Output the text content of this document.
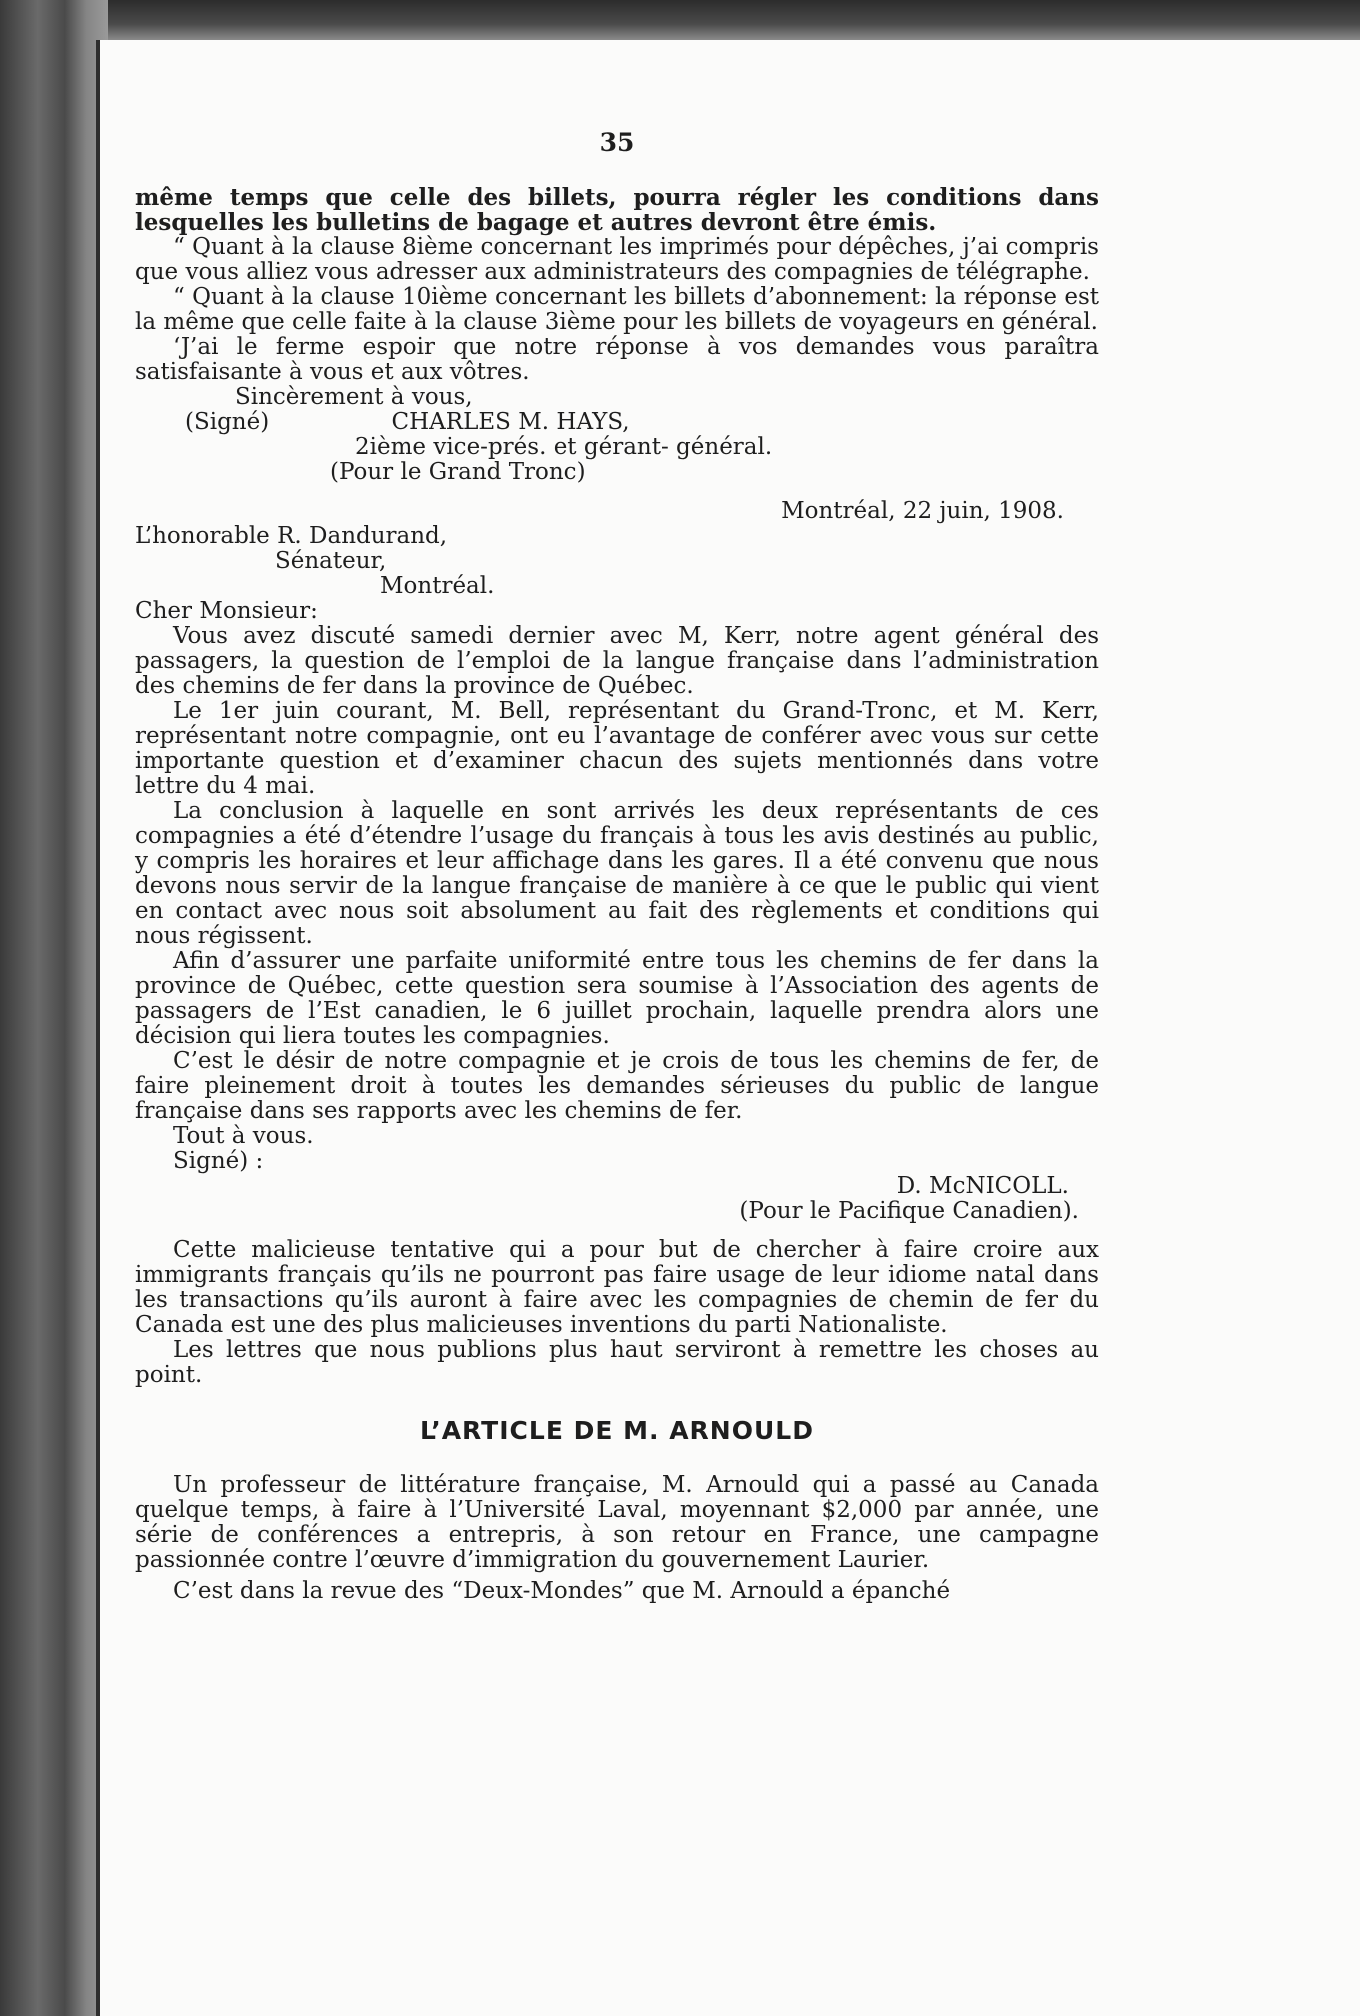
35

même temps que celle des billets, pourra régler les conditions dans lesquelles les bulletins de bagage et autres devront être émis.

“ Quant à la clause 8ième concernant les imprimés pour dépêches, j’ai compris que vous alliez vous adresser aux administrateurs des compagnies de télégraphe.

“ Quant à la clause 10ième concernant les billets d’abonnement: la réponse est la même que celle faite à la clause 3ième pour les billets de voyageurs en général.

‘J’ai le ferme espoir que notre réponse à vos demandes vous paraîtra satisfaisante à vous et aux vôtres.

Sincèrement à vous,

(Signé)	CHARLES M. HAYS,

2ième vice-prés. et gérant- général.

(Pour le Grand Tronc)

Montréal, 22 juin, 1908.

L’honorable R. Dandurand,

Sénateur,

Montréal.

Cher Monsieur:

Vous avez discuté samedi dernier avec M, Kerr, notre agent général des passagers, la question de l’emploi de la langue française dans l’administration des chemins de fer dans la province de Québec.

Le 1er juin courant, M. Bell, représentant du Grand-Tronc, et M. Kerr, représentant notre compagnie, ont eu l’avantage de conférer avec vous sur cette importante question et d’examiner chacun des sujets mentionnés dans votre lettre du 4 mai.

La conclusion à laquelle en sont arrivés les deux représentants de ces compagnies a été d’étendre l’usage du français à tous les avis destinés au public, y compris les horaires et leur affichage dans les gares. Il a été convenu que nous devons nous servir de la langue française de manière à ce que le public qui vient en contact avec nous soit absolument au fait des règlements et conditions qui nous régissent.

Afin d’assurer une parfaite uniformité entre tous les chemins de fer dans la province de Québec, cette question sera soumise à l’Association des agents de passagers de l’Est canadien, le 6 juillet prochain, laquelle prendra alors une décision qui liera toutes les compagnies.

C’est le désir de notre compagnie et je crois de tous les chemins de fer, de faire pleinement droit à toutes les demandes sérieuses du public de langue française dans ses rapports avec les chemins de fer.

Tout à vous.

Signé) :

D. McNICOLL.

(Pour le Pacifique Canadien).

Cette malicieuse tentative qui a pour but de chercher à faire croire aux immigrants français qu’ils ne pourront pas faire usage de leur idiome natal dans les transactions qu’ils auront à faire avec les compagnies de chemin de fer du Canada est une des plus malicieuses inventions du parti Nationaliste.

Les lettres que nous publions plus haut serviront à remettre les choses au point.

L’ARTICLE DE M. ARNOULD

Un professeur de littérature française, M. Arnould qui a passé au Canada quelque temps, à faire à l’Université Laval, moyennant $2,000 par année, une série de conférences a entrepris, à son retour en France, une campagne passionnée contre l’œuvre d’immigration du gouvernement Laurier.

C’est dans la revue des “Deux-Mondes” que M. Arnould a épanché
